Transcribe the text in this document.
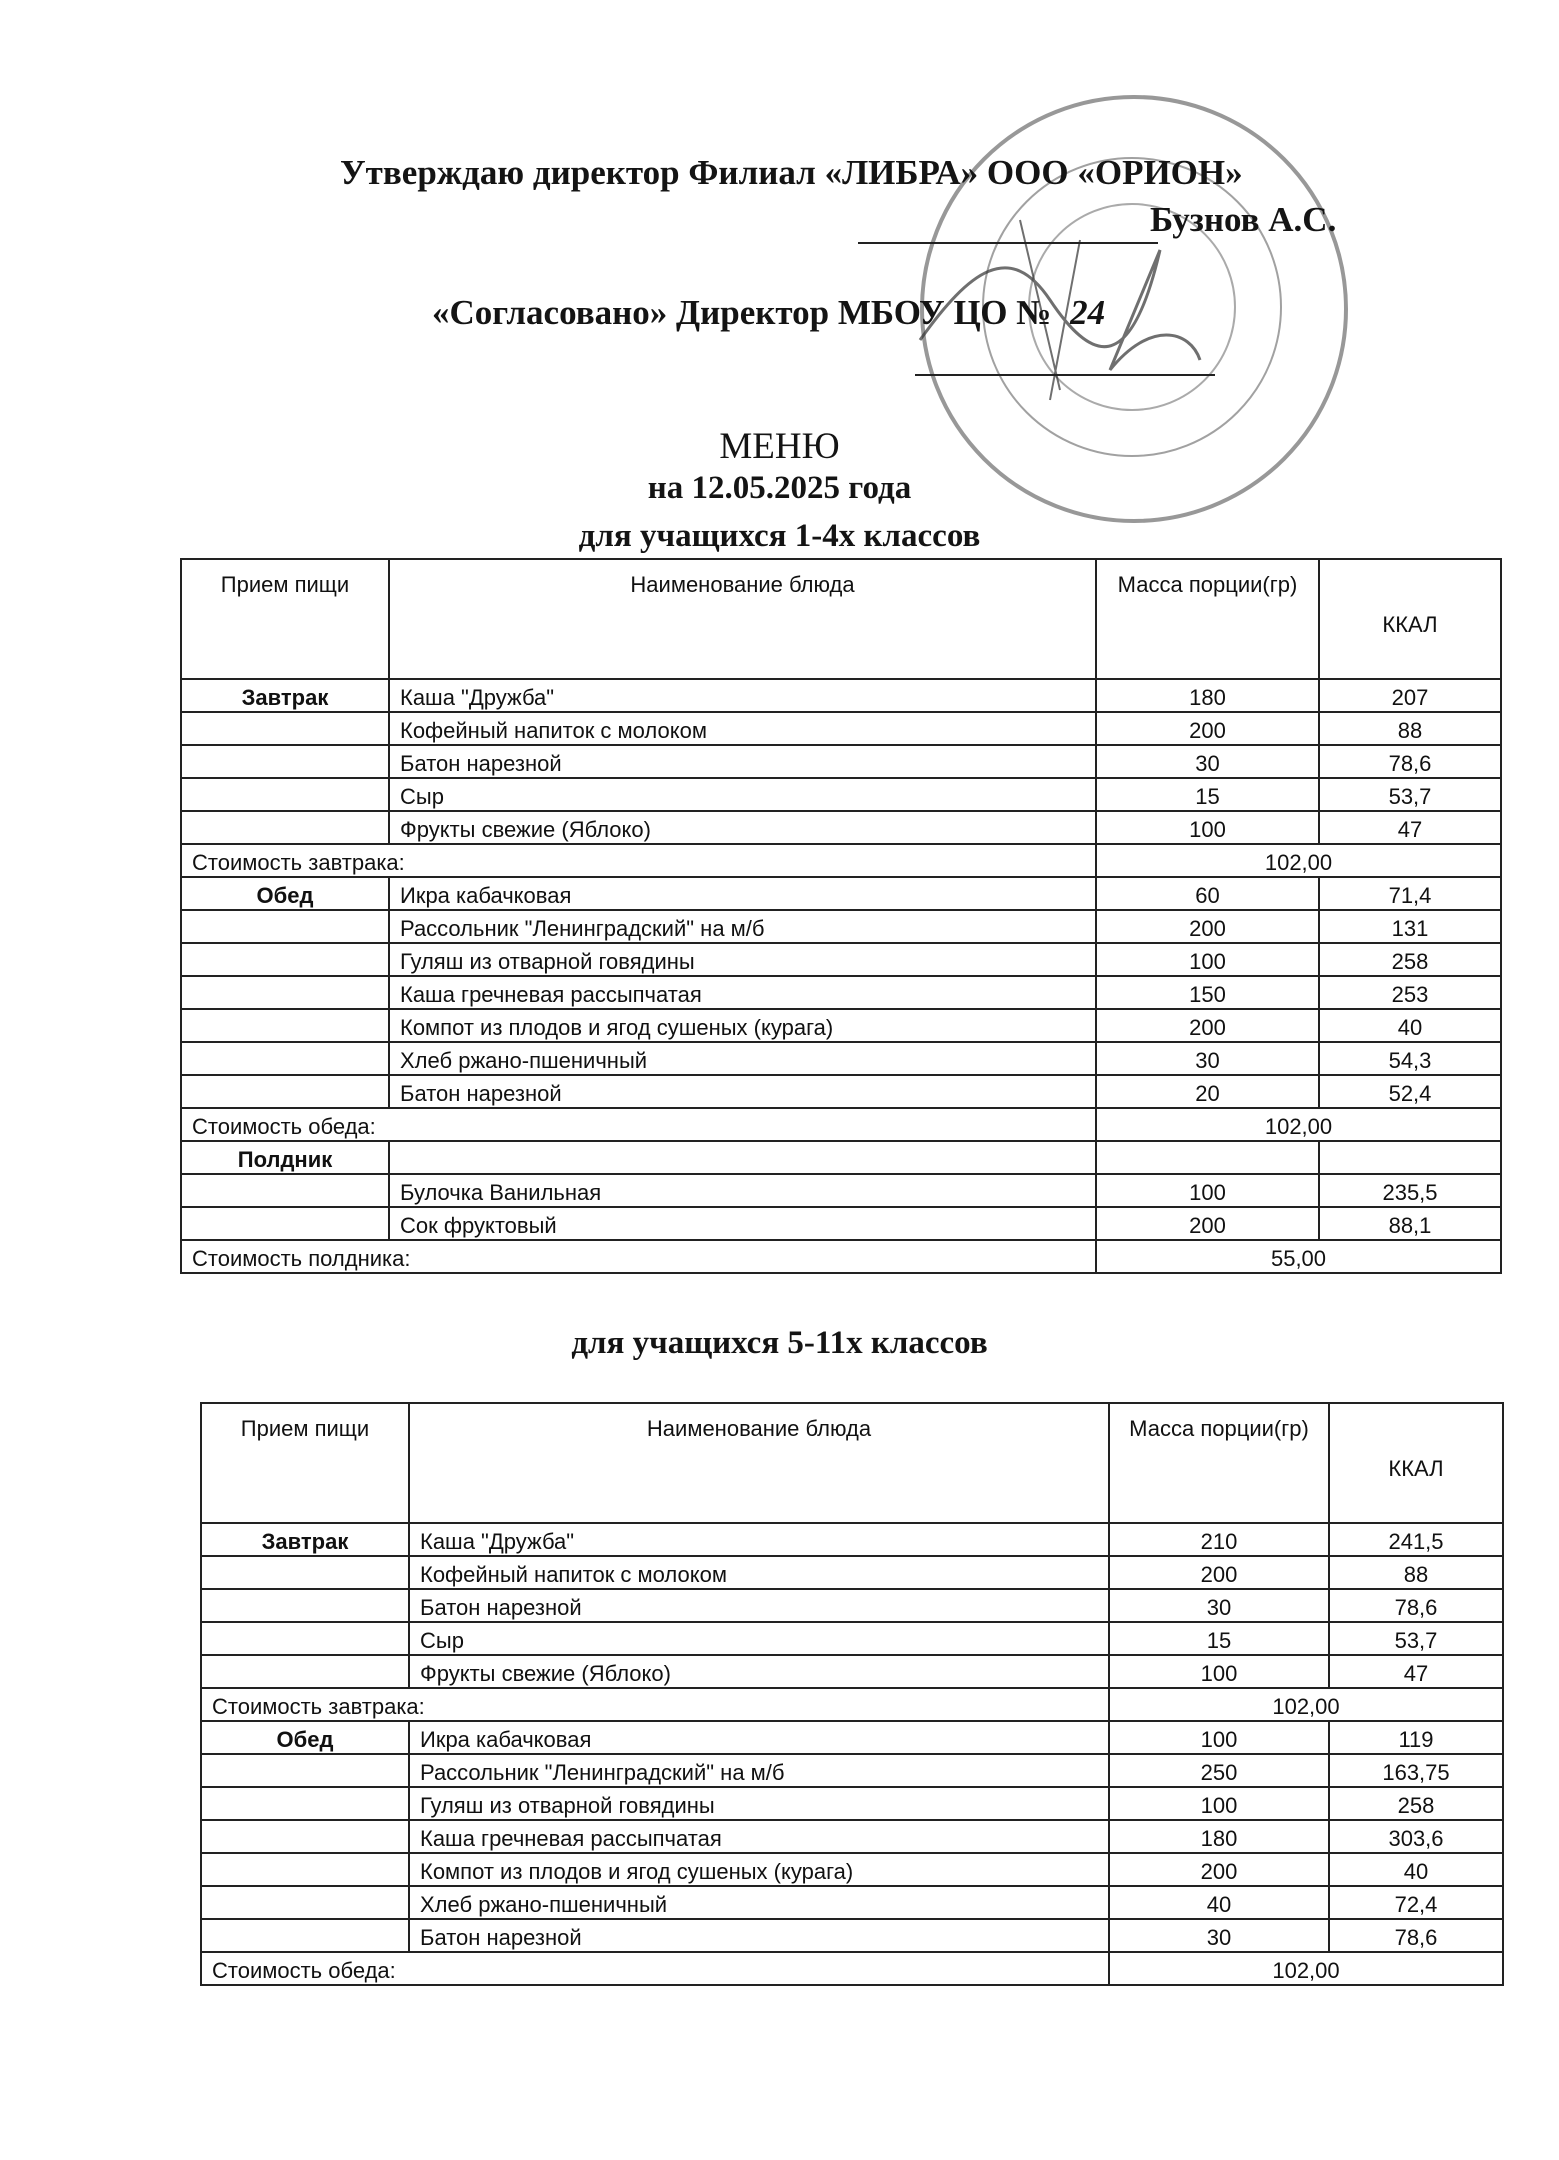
Утверждаю директор Филиал «ЛИБРА» ООО «ОРИОН»
Бузнов А.С.
«Согласовано» Директор МБОУ ЦО № 24
МЕНЮ
на 12.05.2025 года
для учащихся 1-4х классов
Прием пищи	Наименование блюда	Масса порции(гр)	ККАЛ
Завтрак	Каша "Дружба"	180	207
	Кофейный напиток с молоком	200	88
	Батон нарезной	30	78,6
	Сыр	15	53,7
	Фрукты свежие (Яблоко)	100	47
Стоимость завтрака:		102,00	
Обед	Икра кабачковая	60	71,4
	Рассольник "Ленинградский" на м/б	200	131
	Гуляш из отварной говядины	100	258
	Каша гречневая рассыпчатая	150	253
	Компот из плодов и ягод сушеных (курага)	200	40
	Хлеб ржано-пшеничный	30	54,3
	Батон нарезной	20	52,4
Стоимость обеда:		102,00	
Полдник			
	Булочка Ванильная	100	235,5
	Сок фруктовый	200	88,1
Стоимость полдника:		55,00	
для учащихся 5-11х классов
Прием пищи	Наименование блюда	Масса порции(гр)	ККАЛ
Завтрак	Каша "Дружба"	210	241,5
	Кофейный напиток с молоком	200	88
	Батон нарезной	30	78,6
	Сыр	15	53,7
	Фрукты свежие (Яблоко)	100	47
Стоимость завтрака:		102,00	
Обед	Икра кабачковая	100	119
	Рассольник "Ленинградский" на м/б	250	163,75
	Гуляш из отварной говядины	100	258
	Каша гречневая рассыпчатая	180	303,6
	Компот из плодов и ягод сушеных (курага)	200	40
	Хлеб ржано-пшеничный	40	72,4
	Батон нарезной	30	78,6
Стоимость обеда:		102,00	
